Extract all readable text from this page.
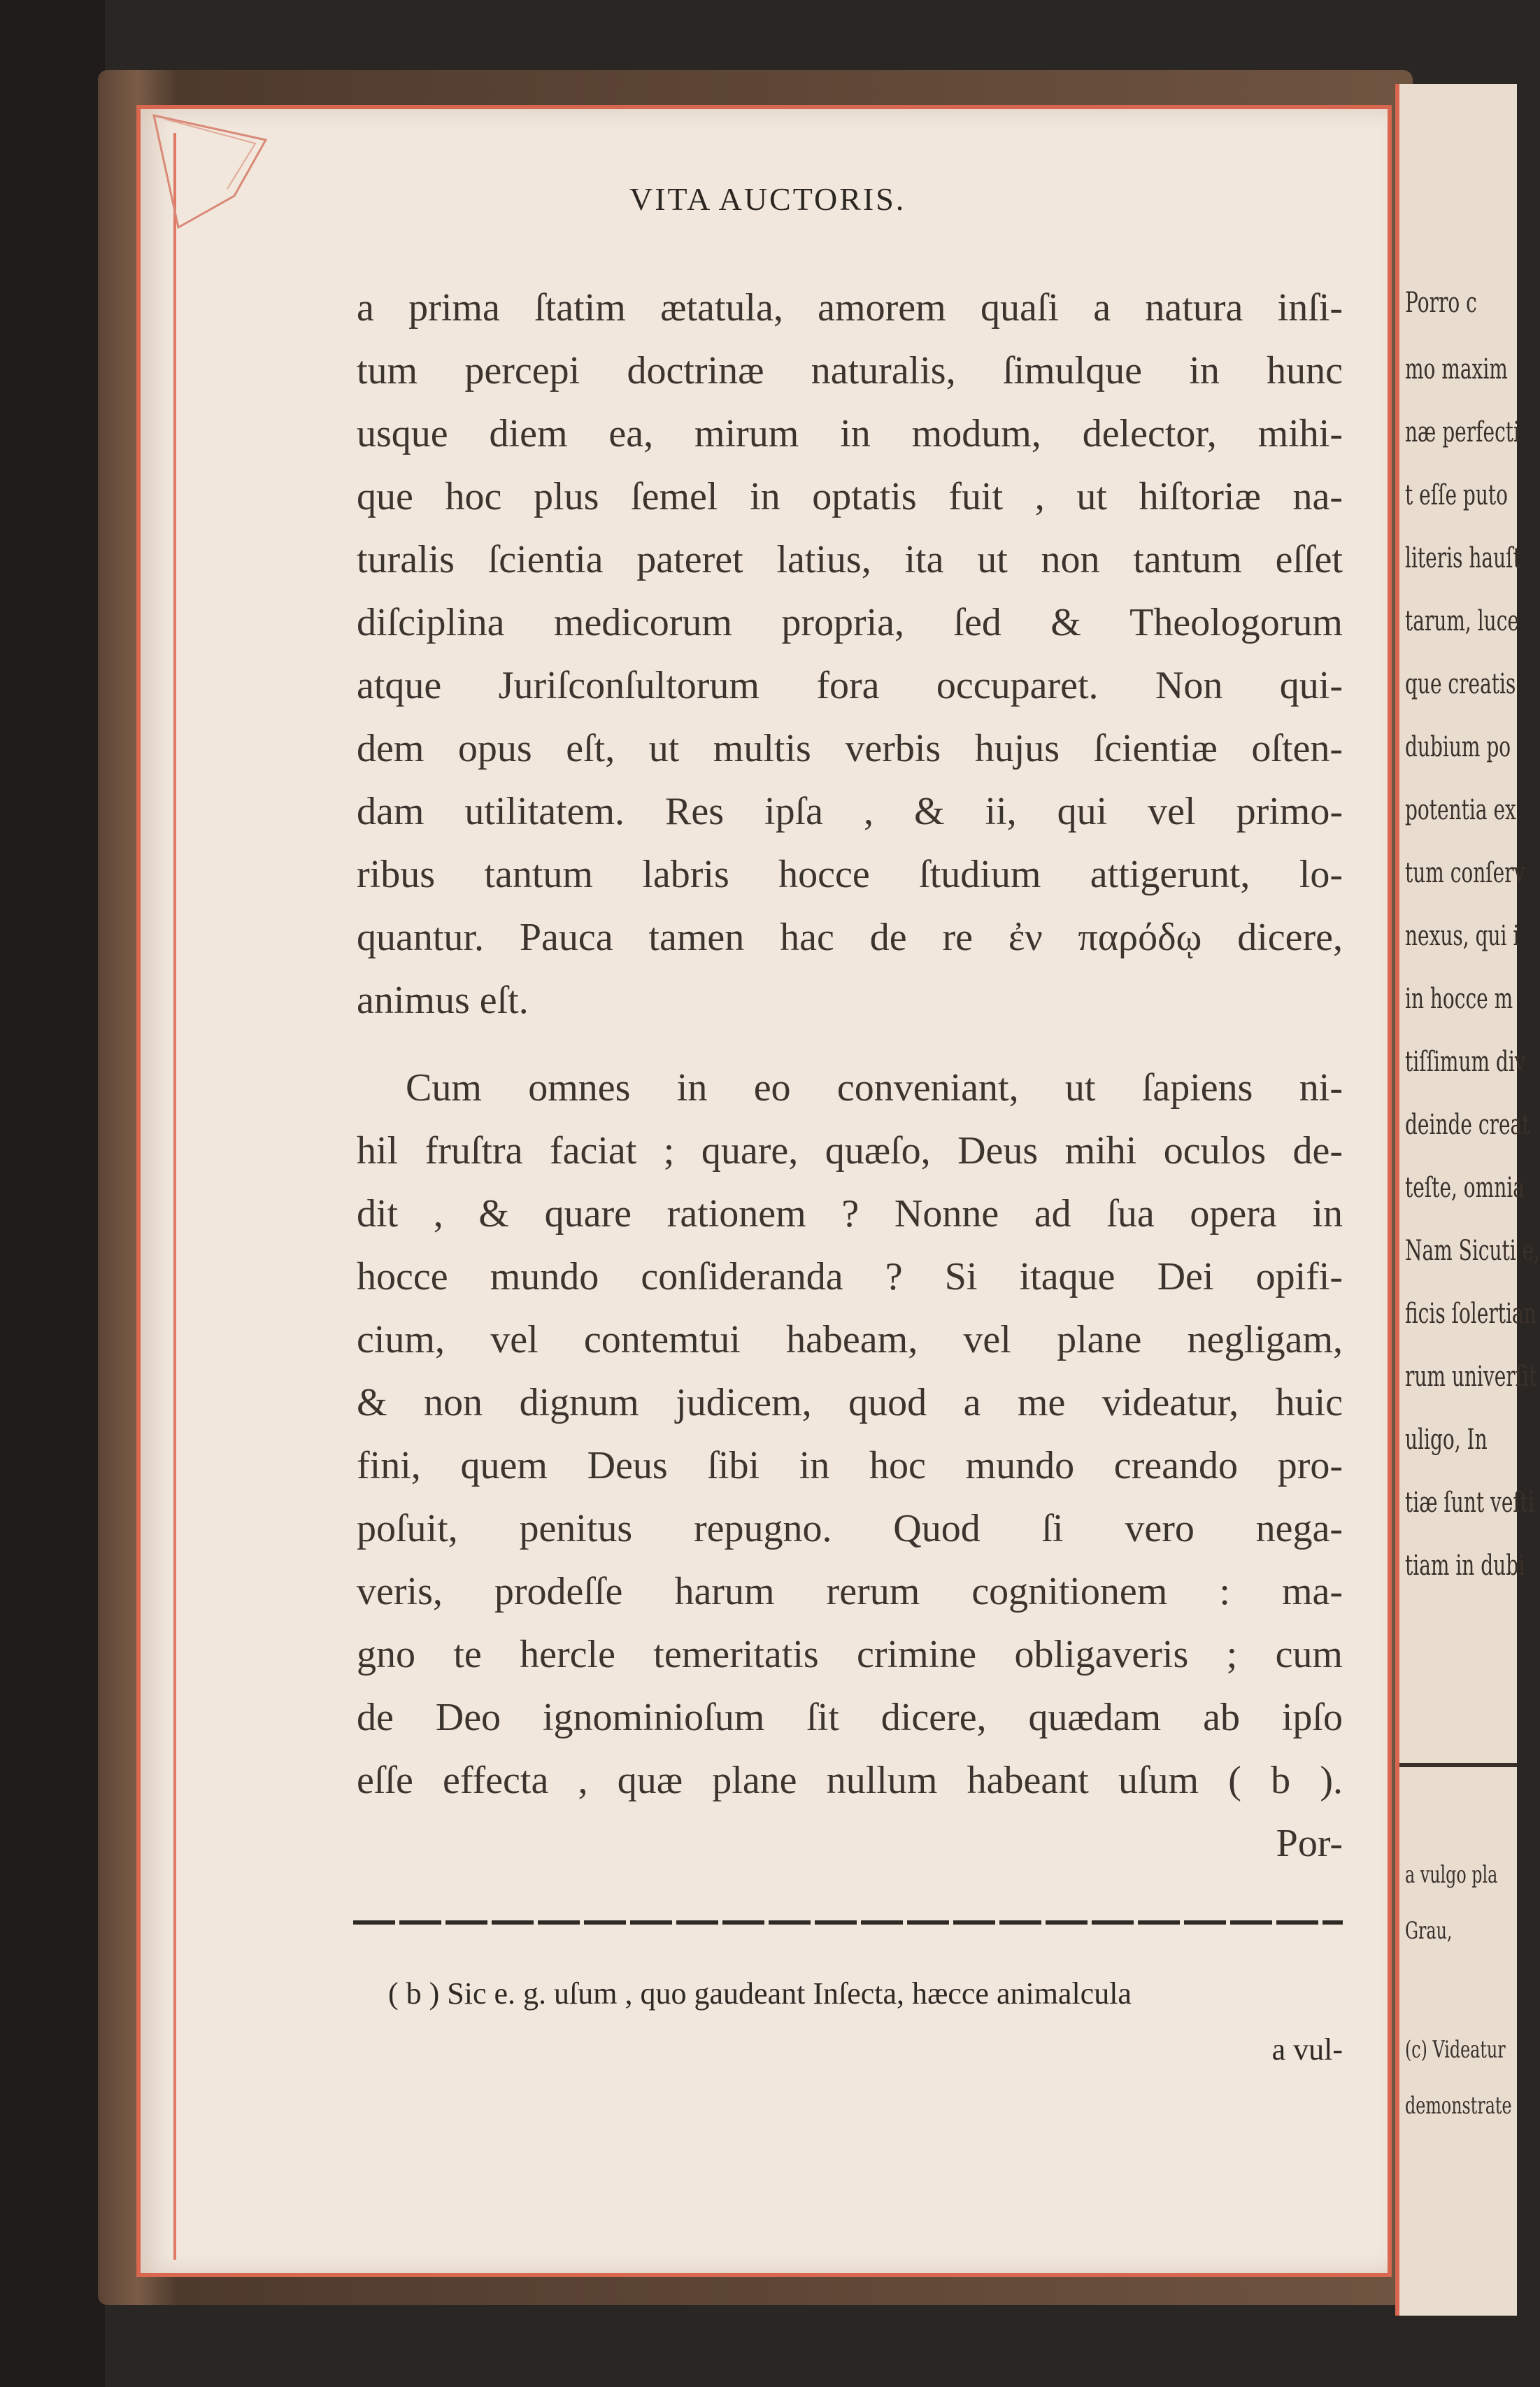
VITA AUCTORIS.
a prima ſtatim ætatula, amorem quaſi a natura inſi-
tum percepi doctrinæ naturalis, ſimulque in hunc
usque diem ea, mirum in modum, delector, mihi-
que hoc plus ſemel in optatis fuit , ut hiſtoriæ na-
turalis ſcientia pateret latius, ita ut non tantum eſſet
diſciplina medicorum propria, ſed & Theologorum
atque Juriſconſultorum fora occuparet. Non qui-
dem opus eſt, ut multis verbis hujus ſcientiæ oſten-
dam utilitatem. Res ipſa , & ii, qui vel primo-
ribus tantum labris hocce ſtudium attigerunt, lo-
quantur. Pauca tamen hac de re ἐν παρόδῳ dicere,
animus eſt.
Cum omnes in eo conveniant, ut ſapiens ni-
hil fruſtra faciat ; quare, quæſo, Deus mihi oculos de-
dit , & quare rationem ? Nonne ad ſua opera in
hocce mundo conſideranda ? Si itaque Dei opifi-
cium, vel contemtui habeam, vel plane negligam,
& non dignum judicem, quod a me videatur, huic
fini, quem Deus ſibi in hoc mundo creando pro-
poſuit, penitus repugno. Quod ſi vero nega-
veris, prodeſſe harum rerum cognitionem : ma-
gno te hercle temeritatis crimine obligaveris ; cum
de Deo ignominioſum ſit dicere, quædam ab ipſo
eſſe effecta , quæ plane nullum habeant uſum ( b ).
Por-
( b ) Sic e. g. uſum , quo gaudeant Inſecta, hæcce animalcula
a vul-
Porro c
mo maxim
næ perfecti
t eſſe puto
literis hauſt
tarum, luce
que creatis
dubium po
potentia ex
tum conſerv
nexus, qui i
in hocce m
tiſſimum div
deinde creat
teſte, omnia
Nam Sicuti e,
ficis ſolertian
rum univerſit
uligo, In
tiæ ſunt veſti
tiam in dubi
a vulgo pla
Grau,
(c) Videatur
demonstrate
